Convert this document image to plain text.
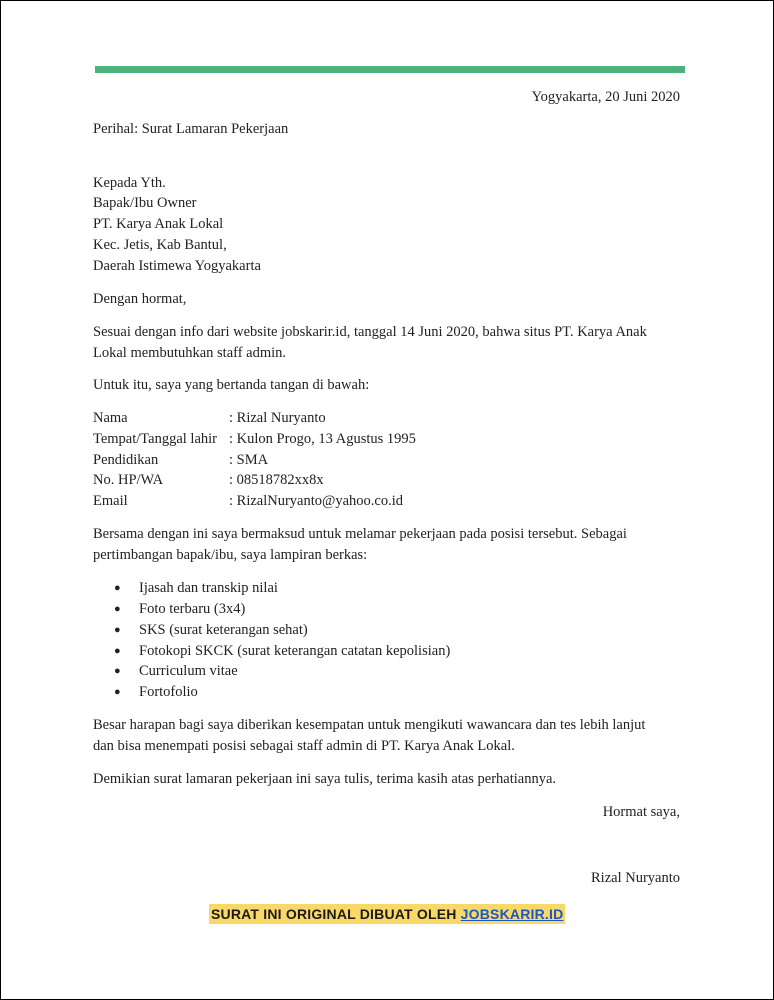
Yogyakarta, 20 Juni 2020
Perihal: Surat Lamaran Pekerjaan
Kepada Yth.
Bapak/Ibu Owner
PT. Karya Anak Lokal
Kec. Jetis, Kab Bantul,
Daerah Istimewa Yogyakarta
Dengan hormat,
Sesuai dengan info dari website jobskarir.id, tanggal 14 Juni 2020, bahwa situs PT. Karya Anak
Lokal membutuhkan staff admin.
Untuk itu, saya yang bertanda tangan di bawah:
Nama	: Rizal Nuryanto
Tempat/Tanggal lahir : Kulon Progo, 13 Agustus 1995
Pendidikan	: SMA
No. HP/WA	: 08518782xx8x
Email	: RizalNuryanto@yahoo.co.id
Bersama dengan ini saya bermaksud untuk melamar pekerjaan pada posisi tersebut. Sebagai
pertimbangan bapak/ibu, saya lampiran berkas:
● Ijasah dan transkip nilai
● Foto terbaru (3x4)
● SKS (surat keterangan sehat)
● Fotokopi SKCK (surat keterangan catatan kepolisian)
● Curriculum vitae
● Fortofolio
Besar harapan bagi saya diberikan kesempatan untuk mengikuti wawancara dan tes lebih lanjut
dan bisa menempati posisi sebagai staff admin di PT. Karya Anak Lokal.
Demikian surat lamaran pekerjaan ini saya tulis, terima kasih atas perhatiannya.
Hormat saya,
Rizal Nuryanto
SURAT INI ORIGINAL DIBUAT OLEH JOBSKARIR.ID
